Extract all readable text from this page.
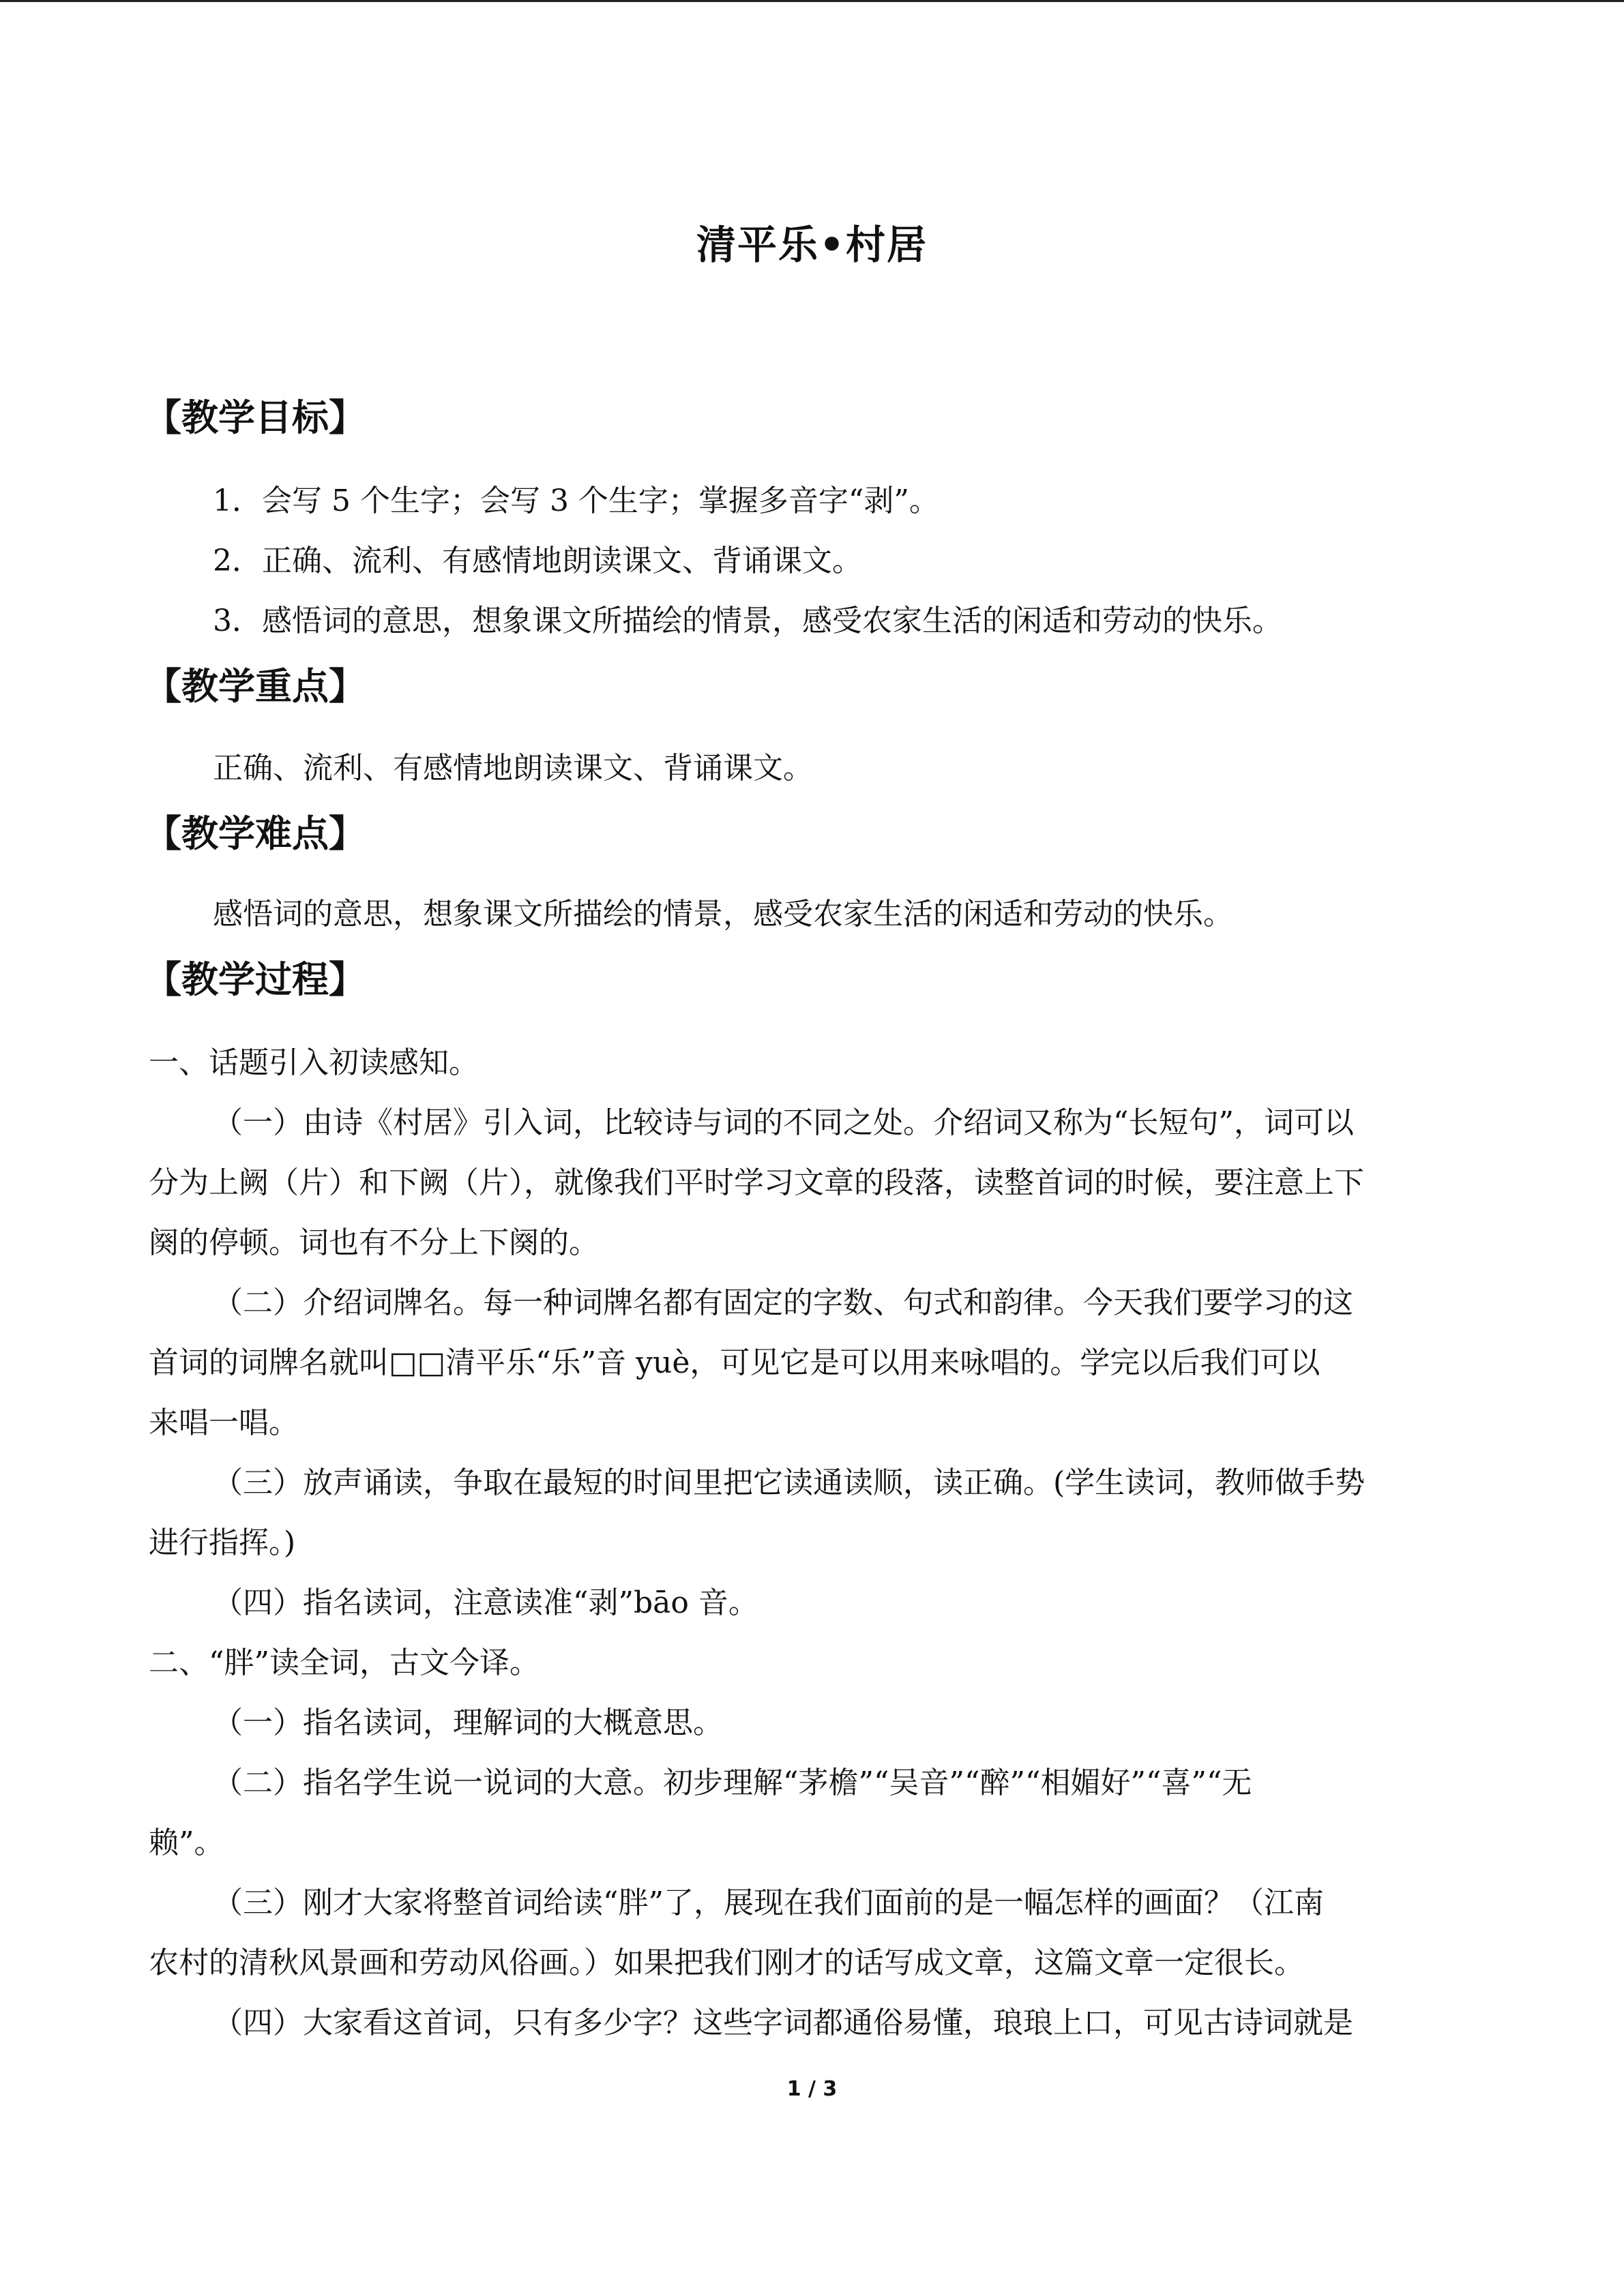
清平乐•村居
【教学目标】
1．会写 5 个生字；会写 3 个生字；掌握多音字“剥”。
2．正确、流利、有感情地朗读课文、背诵课文。
3．感悟词的意思，想象课文所描绘的情景，感受农家生活的闲适和劳动的快乐。
【教学重点】
正确、流利、有感情地朗读课文、背诵课文。
【教学难点】
感悟词的意思，想象课文所描绘的情景，感受农家生活的闲适和劳动的快乐。
【教学过程】
一、话题引入初读感知。
（一）由诗《村居》引入词，比较诗与词的不同之处。介绍词又称为“长短句”，词可以
分为上阙（片）和下阙（片），就像我们平时学习文章的段落，读整首词的时候，要注意上下
阕的停顿。词也有不分上下阕的。
（二）介绍词牌名。每一种词牌名都有固定的字数、句式和韵律。今天我们要学习的这
首词的词牌名就叫□□清平乐“乐”音 yuè，可见它是可以用来咏唱的。学完以后我们可以
来唱一唱。
（三）放声诵读，争取在最短的时间里把它读通读顺，读正确。(学生读词，教师做手势
进行指挥。)
（四）指名读词，注意读准“剥”bāo 音。
二、“胖”读全词，古文今译。
（一）指名读词，理解词的大概意思。
（二）指名学生说一说词的大意。初步理解“茅檐”“吴音”“醉”“相媚好”“喜”“无
赖”。
（三）刚才大家将整首词给读“胖”了，展现在我们面前的是一幅怎样的画面？（江南
农村的清秋风景画和劳动风俗画。）如果把我们刚才的话写成文章，这篇文章一定很长。
（四）大家看这首词，只有多少字？这些字词都通俗易懂，琅琅上口，可见古诗词就是
1 / 3
